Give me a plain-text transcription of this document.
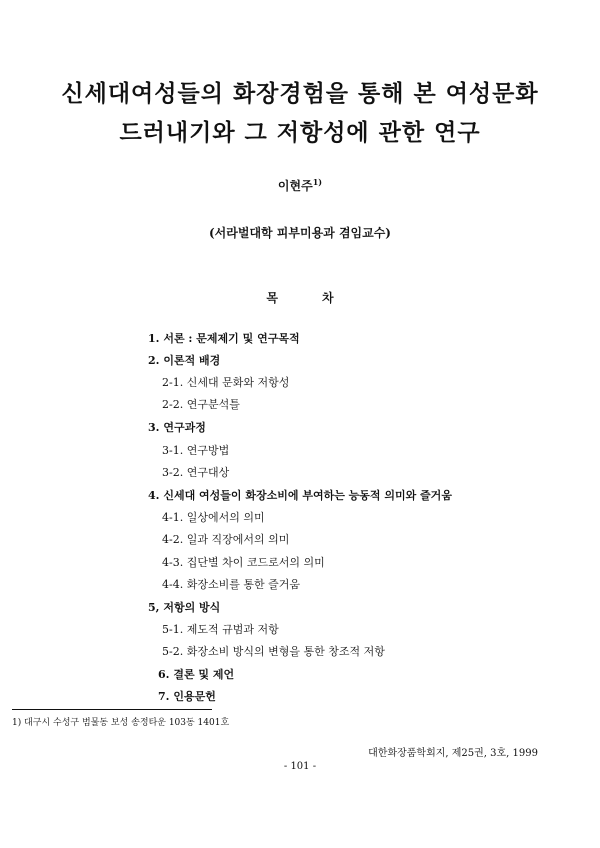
신세대여성들의 화장경험을 통해 본 여성문화
드러내기와 그 저항성에 관한 연구
이현주$^{1)}$
(서라벌대학 피부미용과 겸임교수)
목	차
1. 서론 : 문제제기 및 연구목적
2. 이론적 배경
2-1. 신세대 문화와 저항성
2-2. 연구분석틀
3. 연구과정
3-1. 연구방법
3-2. 연구대상
4. 신세대 여성들이 화장소비에 부여하는 능동적 의미와 즐거움
4-1. 일상에서의 의미
4-2. 일과 직장에서의 의미
4-3. 집단별 차이 코드로서의 의미
4-4. 화장소비를 통한 즐거움
5, 저항의 방식
5-1. 제도적 규범과 저항
5-2. 화장소비 방식의 변형을 통한 창조적 저항
6. 결론 및 제언
7. 인용문헌
1) 대구시 수성구 범물동 보성 송정타운 103동 1401호
대한화장품학회지, 제25권, 3호, 1999
- 101 -
